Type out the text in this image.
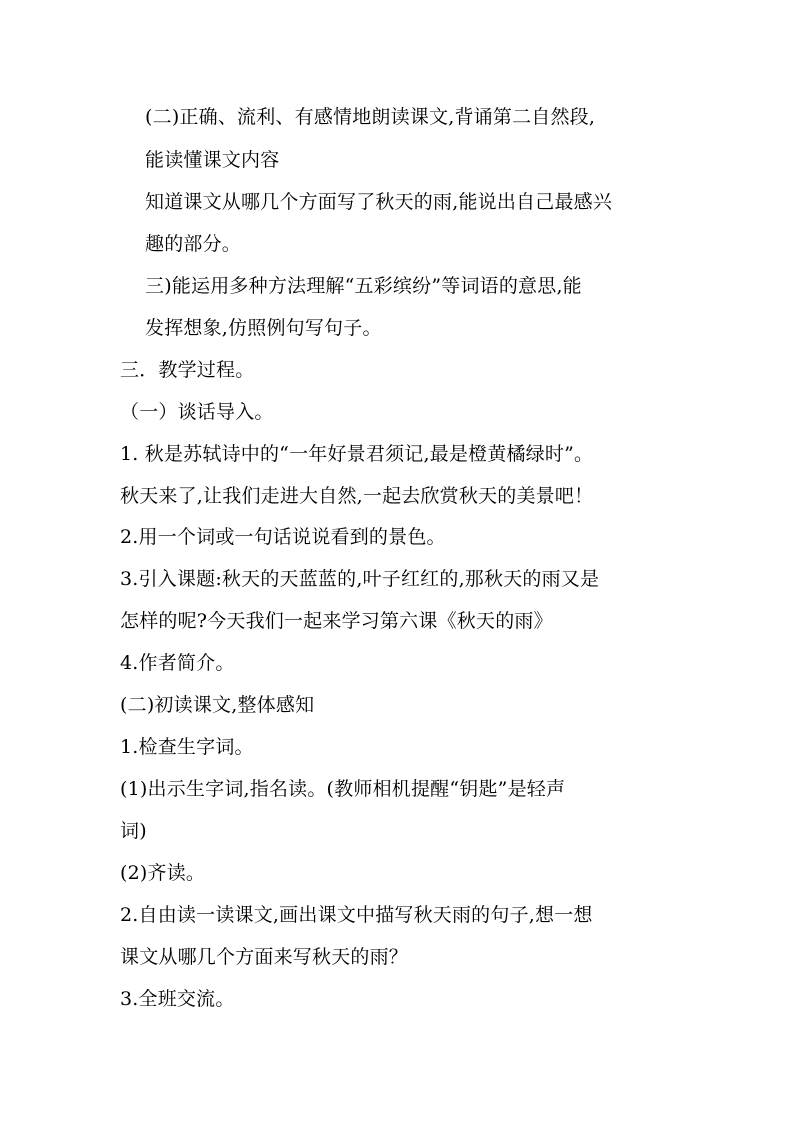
(二)正确、流利、有感情地朗读课文,背诵第二自然段,
能读懂课文内容
知道课文从哪几个方面写了秋天的雨,能说出自己最感兴
趣的部分。
三)能运用多种方法理解“五彩缤纷”等词语的意思,能
发挥想象,仿照例句写句子。
三．教学过程。
（一）谈话导入。
1. 秋是苏轼诗中的“一年好景君须记,最是橙黄橘绿时”。
秋天来了,让我们走进大自然,一起去欣赏秋天的美景吧！
2.用一个词或一句话说说看到的景色。
3.引入课题:秋天的天蓝蓝的,叶子红红的,那秋天的雨又是
怎样的呢?今天我们一起来学习第六课《秋天的雨》
4.作者简介。
(二)初读课文,整体感知
1.检查生字词。
(1)出示生字词,指名读。(教师相机提醒“钥匙”是轻声
词)
(2)齐读。
2.自由读一读课文,画出课文中描写秋天雨的句子,想一想
课文从哪几个方面来写秋天的雨？
3.全班交流。
